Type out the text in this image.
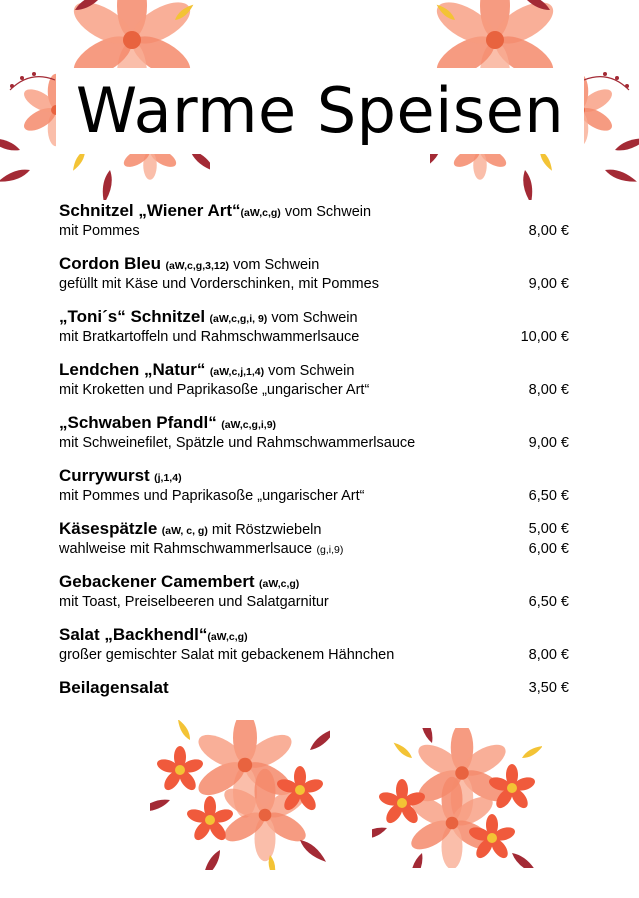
Warme Speisen
Schnitzel „Wiener Art“(aW,c,g) vom Schwein
mit Pommes	8,00 €
Cordon Bleu (aW,c,g,3,12) vom Schwein
gefüllt mit Käse und Vorderschinken, mit Pommes	9,00 €
„Toni´s“ Schnitzel (aW,c,g,i, 9) vom Schwein
mit Bratkartoffeln und Rahmschwammerlsauce	10,00 €
Lendchen „Natur“ (aW,c,j,1,4) vom Schwein
mit Kroketten und Paprikasoße „ungarischer Art“	8,00 €
„Schwaben Pfandl“ (aW,c,g,i,9)
mit Schweinefilet, Spätzle und Rahmschwammerlsauce	9,00 €
Currywurst (j,1,4)
mit Pommes und Paprikasoße „ungarischer Art“	6,50 €
Käsespätzle (aW, c, g) mit Röstzwiebeln	5,00 €
wahlweise mit Rahmschwammerlsauce (g,i,9)	6,00 €
Gebackener Camembert (aW,c,g)
mit Toast, Preiselbeeren und Salatgarnitur	6,50 €
Salat „Backhendl“(aW,c,g)
großer gemischter Salat mit gebackenem Hähnchen	8,00 €
Beilagensalat	3,50 €
